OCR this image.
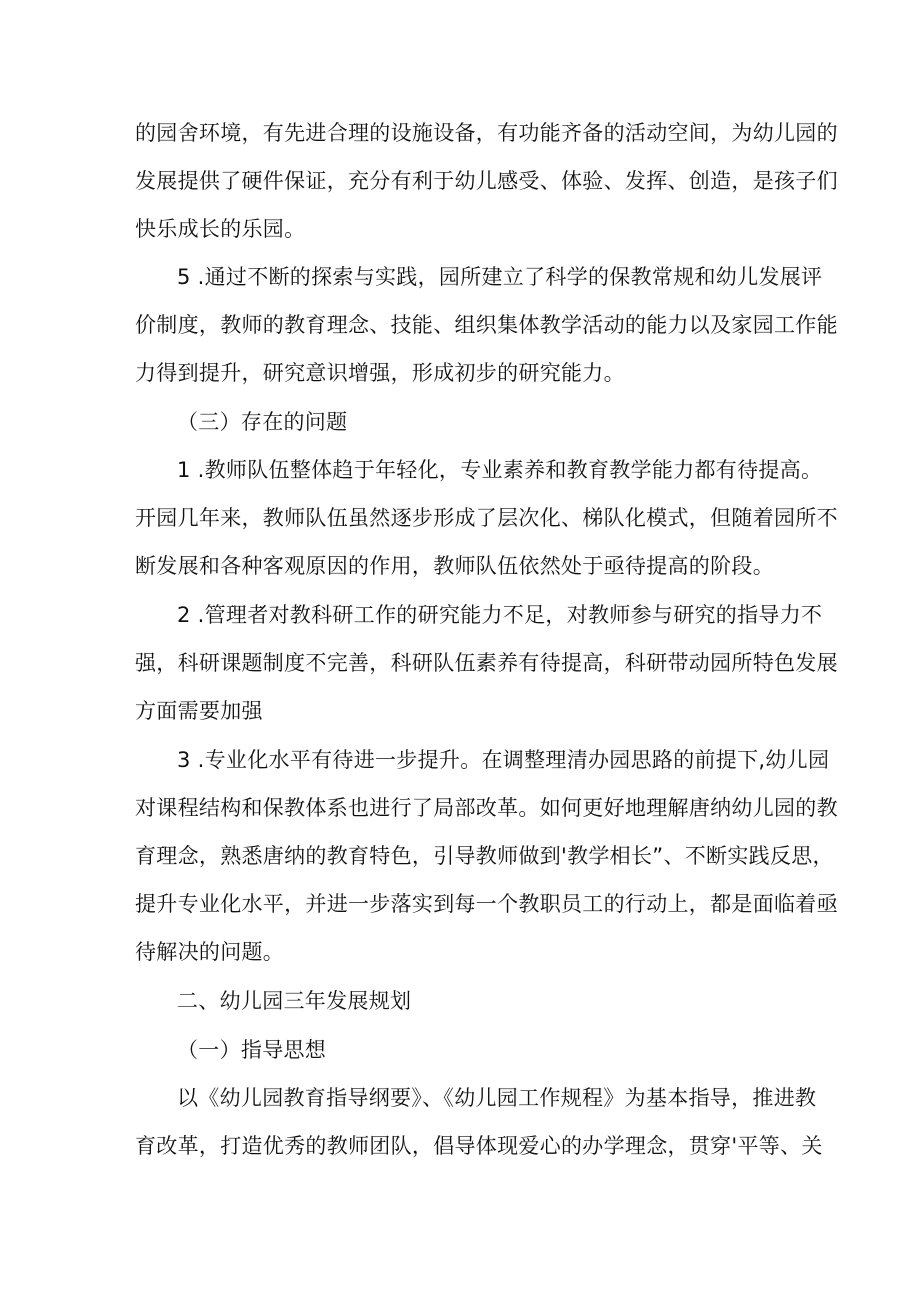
的园舍环境，有先进合理的设施设备，有功能齐备的活动空间，为幼儿园的
发展提供了硬件保证，充分有利于幼儿感受、体验、发挥、创造，是孩子们
快乐成长的乐园。
5 .通过不断的探索与实践，园所建立了科学的保教常规和幼儿发展评
价制度，教师的教育理念、技能、组织集体教学活动的能力以及家园工作能
力得到提升，研究意识增强，形成初步的研究能力。
（三）存在的问题
1 .教师队伍整体趋于年轻化，专业素养和教育教学能力都有待提高。
开园几年来，教师队伍虽然逐步形成了层次化、梯队化模式，但随着园所不
断发展和各种客观原因的作用，教师队伍依然处于亟待提高的阶段。
2 .管理者对教科研工作的研究能力不足，对教师参与研究的指导力不
强，科研课题制度不完善，科研队伍素养有待提高，科研带动园所特色发展
方面需要加强
3 .专业化水平有待进一步提升。在调整理清办园思路的前提下,幼儿园
对课程结构和保教体系也进行了局部改革。如何更好地理解唐纳幼儿园的教
育理念，熟悉唐纳的教育特色，引导教师做到'教学相长”、不断实践反思，
提升专业化水平，并进一步落实到每一个教职员工的行动上，都是面临着亟
待解决的问题。
二、幼儿园三年发展规划
（一）指导思想
以《幼儿园教育指导纲要》、《幼儿园工作规程》为基本指导，推进教
育改革，打造优秀的教师团队，倡导体现爱心的办学理念，贯穿'平等、关
